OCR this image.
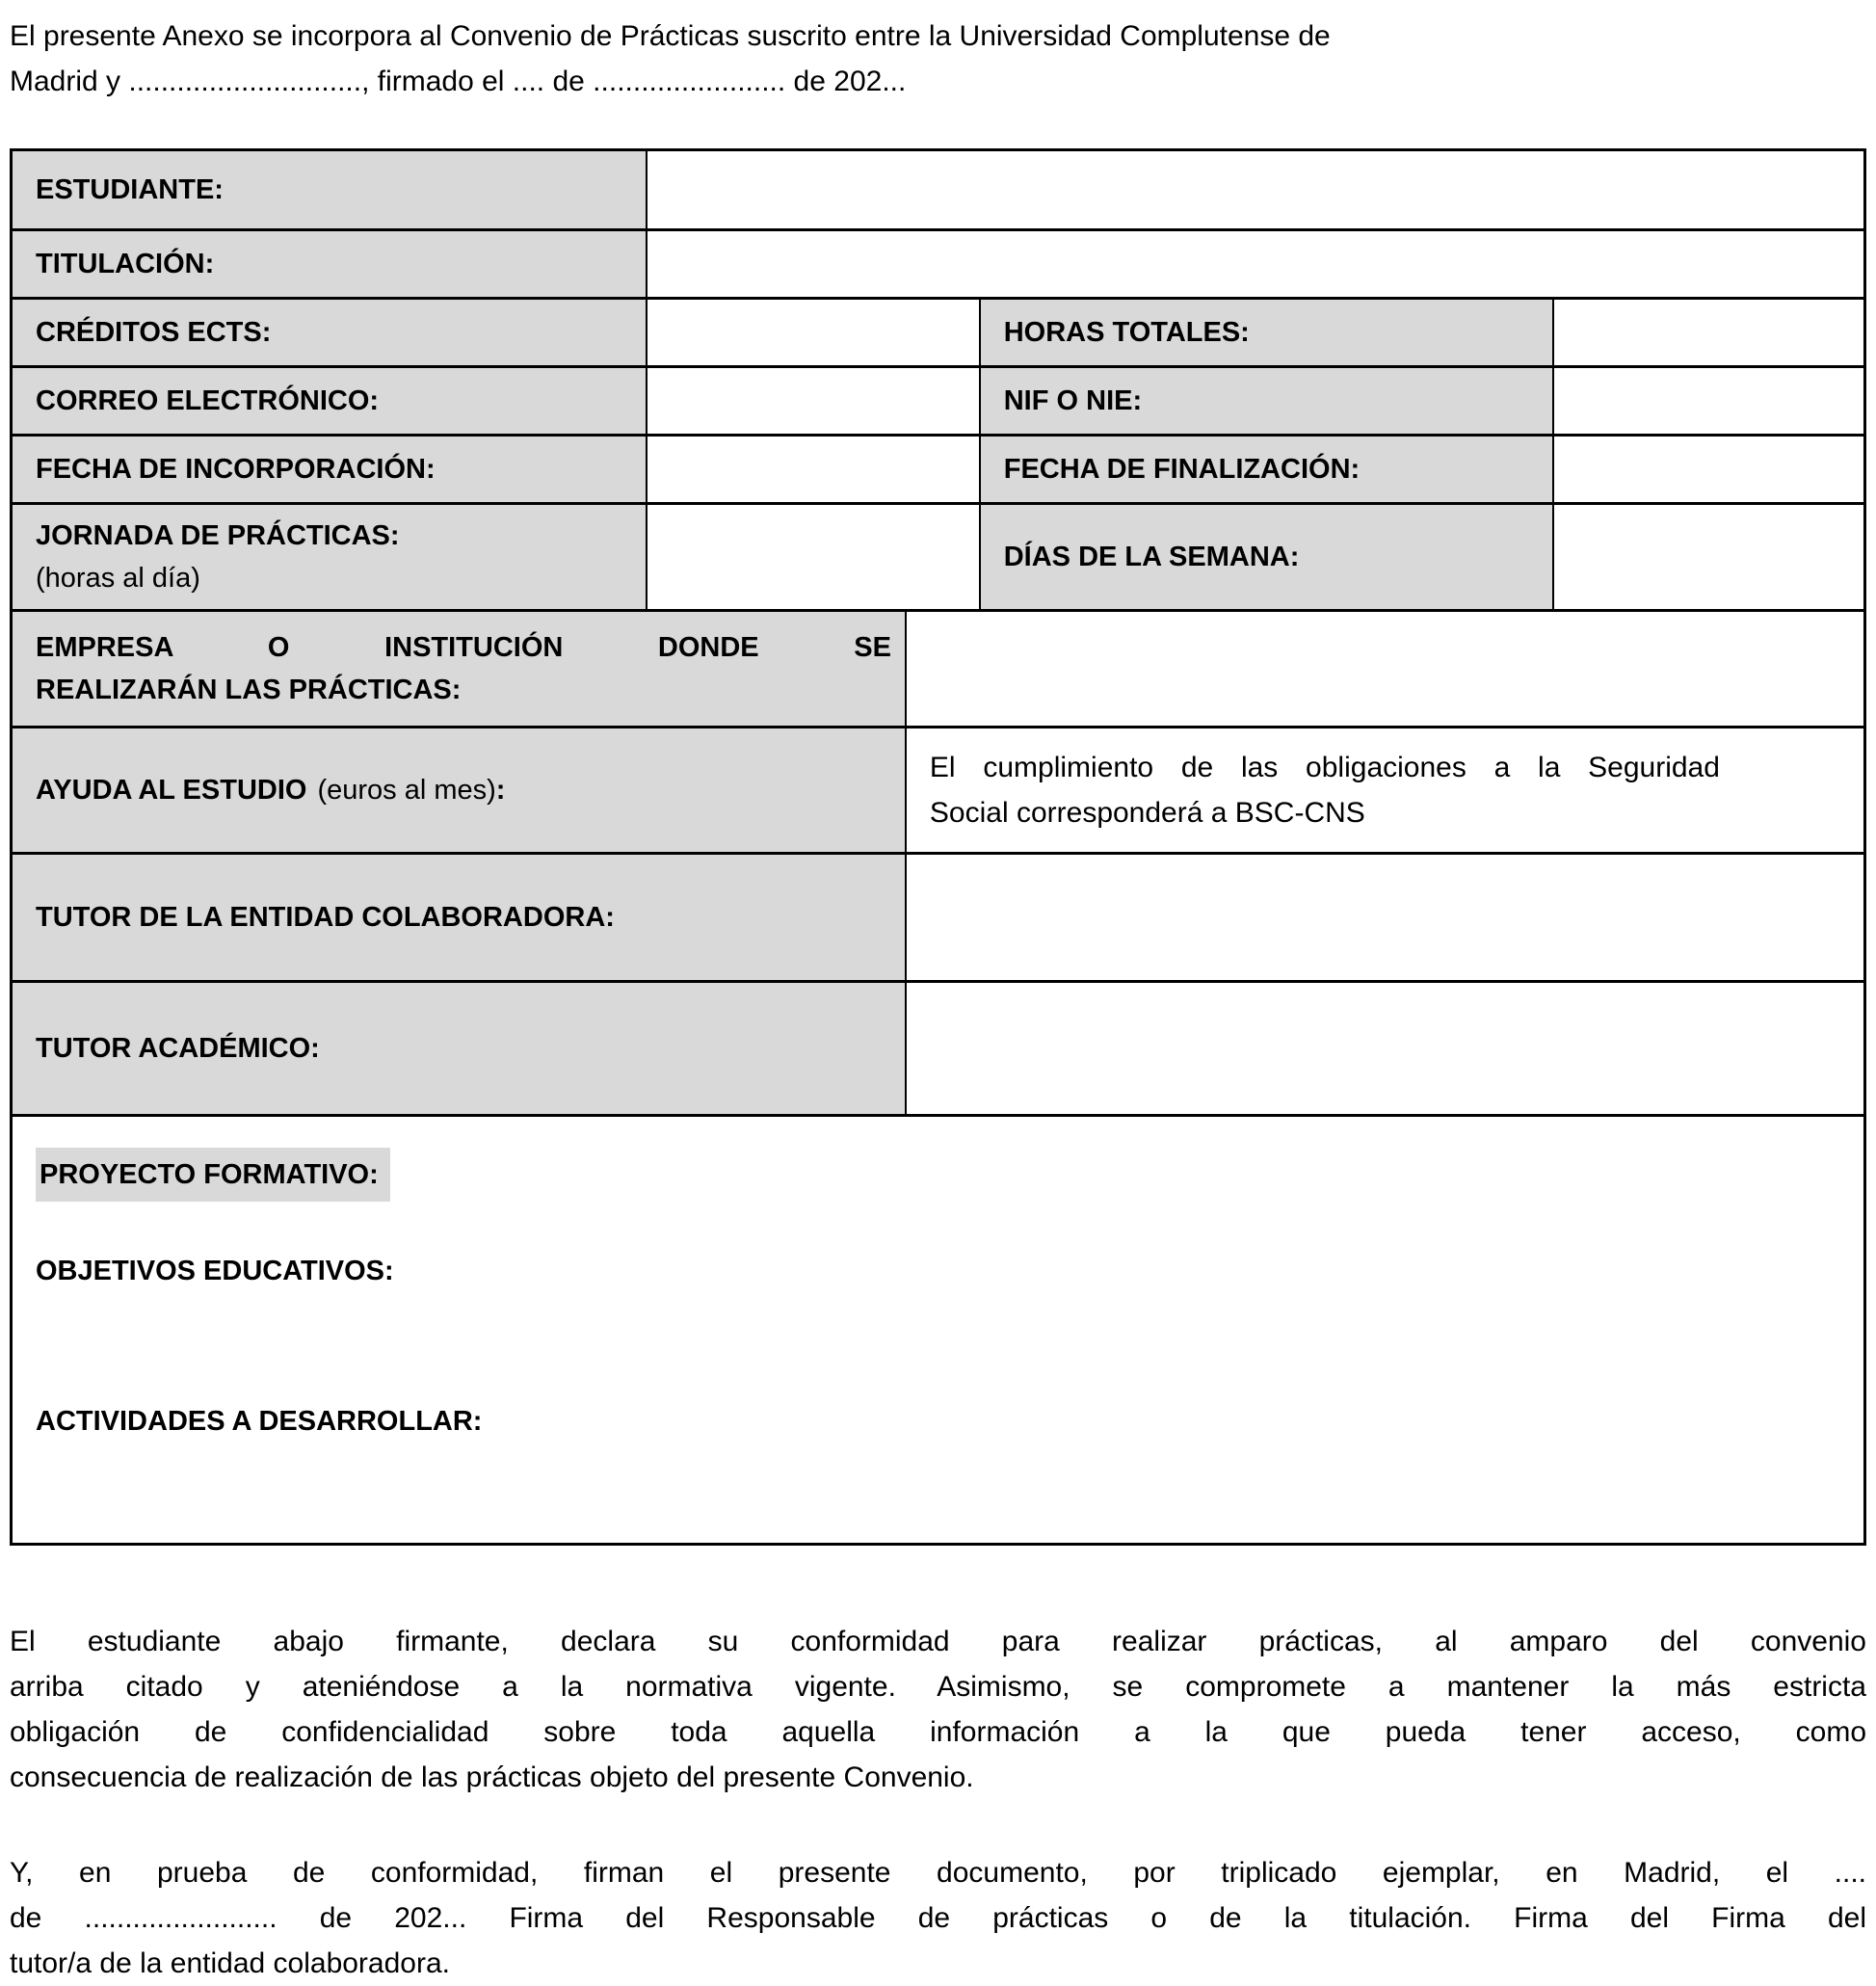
El presente Anexo se incorpora al Convenio de Prácticas suscrito entre la Universidad Complutense de
Madrid y ............................., firmado el .... de ........................ de 202...

ESTUDIANTE:
TITULACIÓN:
CRÉDITOS ECTS:	HORAS TOTALES:
CORREO ELECTRÓNICO:	NIF O NIE:
FECHA DE INCORPORACIÓN:	FECHA DE FINALIZACIÓN:
JORNADA DE PRÁCTICAS:
(horas al día)
DÍAS DE LA SEMANA:
EMPRESA O INSTITUCIÓN DONDE SE
REALIZARÁN LAS PRÁCTICAS:
AYUDA AL ESTUDIO (euros al mes):
El cumplimiento de las obligaciones a la Seguridad
Social corresponderá a BSC-CNS
TUTOR DE LA ENTIDAD COLABORADORA:
TUTOR ACADÉMICO:
PROYECTO FORMATIVO:
OBJETIVOS EDUCATIVOS:
ACTIVIDADES A DESARROLLAR:

El estudiante abajo firmante, declara su conformidad para realizar prácticas, al amparo del convenio
arriba citado y ateniéndose a la normativa vigente. Asimismo, se compromete a mantener la más estricta
obligación de confidencialidad sobre toda aquella información a la que pueda tener acceso, como
consecuencia de realización de las prácticas objeto del presente Convenio.

Y, en prueba de conformidad, firman el presente documento, por triplicado ejemplar, en Madrid, el ....
de ........................ de 202... Firma del Responsable de prácticas o de la titulación. Firma del Firma del
tutor/a de la entidad colaboradora.
